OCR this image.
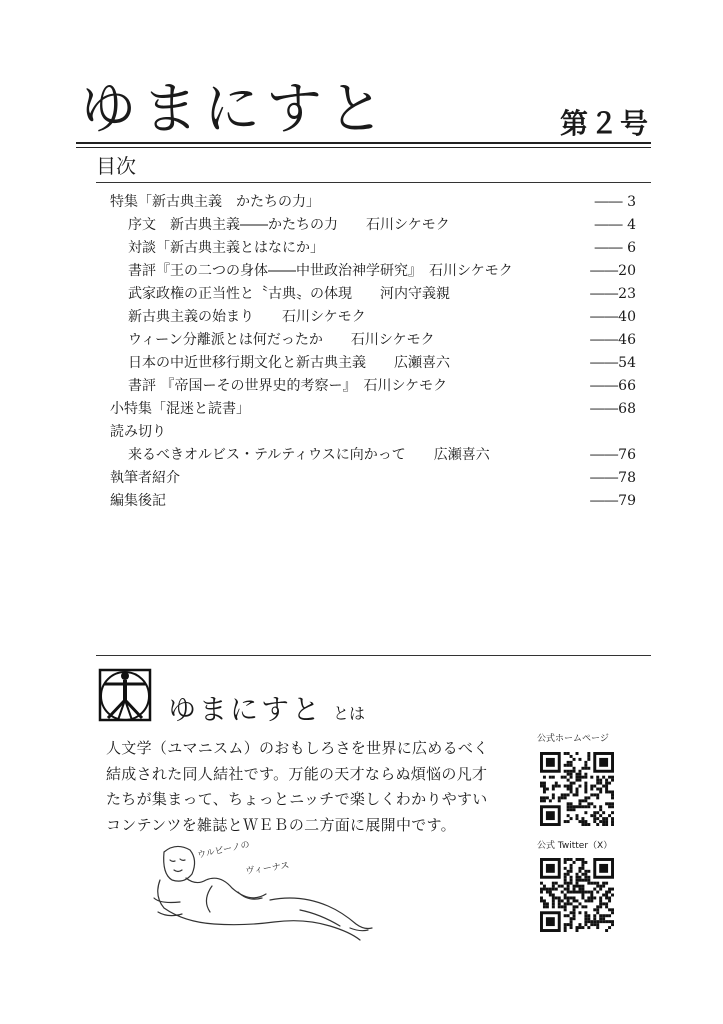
ゆまにすと	第２号
目次
特集「新古典主義　かたちの力」	―― 3
序文　新古典主義――かたちの力　　石川シケモク	―― 4
対談「新古典主義とはなにか」	―― 6
書評『王の二つの身体――中世政治神学研究』　石川シケモク	――20
武家政権の正当性と〝古典〟の体現　　河内守義親	――23
新古典主義の始まり　　石川シケモク	――40
ウィーン分離派とは何だったか　　石川シケモク	――46
日本の中近世移行期文化と新古典主義　　広瀬喜六	――54
書評 『帝国ーその世界史的考察ー』　石川シケモク	――66
小特集「混迷と読書」	――68
読み切り
来るべきオルビス・テルティウスに向かって　　広瀬喜六	――76
執筆者紹介	――78
編集後記	――79
ゆまにすと とは
人文学（ユマニスム）のおもしろさを世界に広めるべく
結成された同人結社です。万能の天才ならぬ煩悩の凡才
たちが集まって、ちょっとニッチで楽しくわかりやすい
コンテンツを雑誌とＷＥＢの二方面に展開中です。
公式ホームページ
公式 Twitter（X）
ウルビーノの
ヴィーナス
